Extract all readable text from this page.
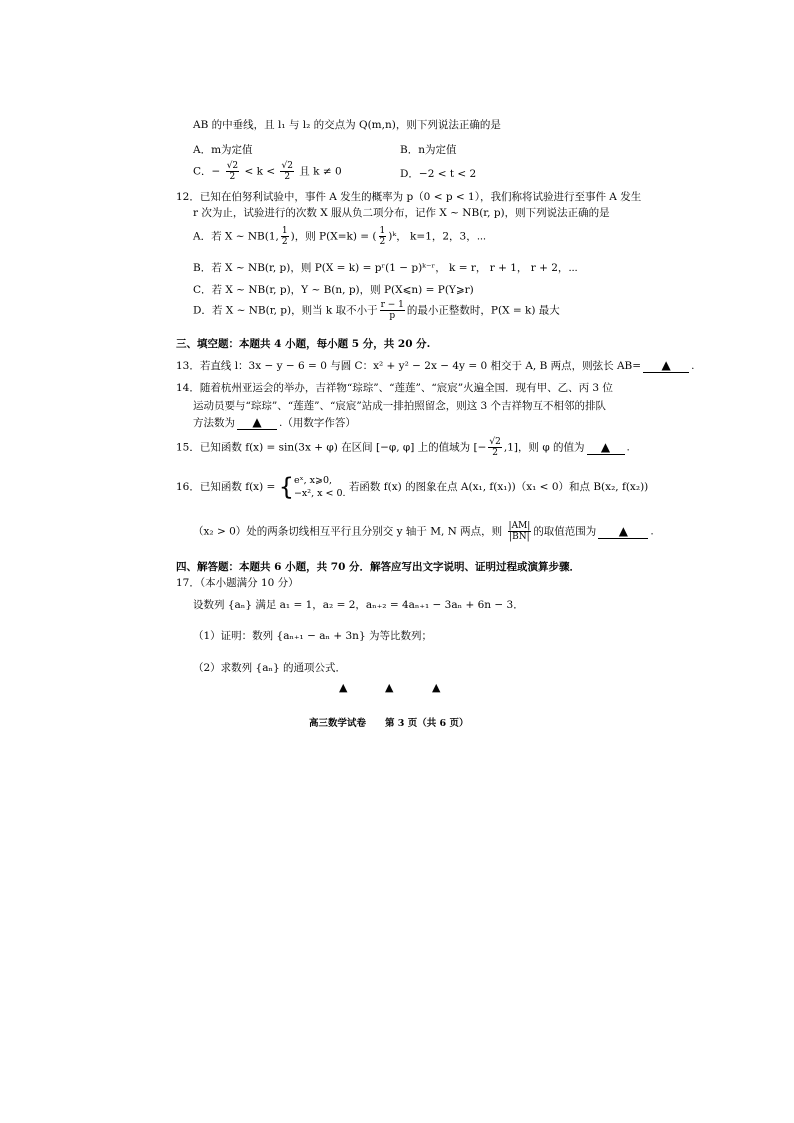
AB 的中垂线，且 l₁ 与 l₂ 的交点为 Q(m,n)，则下列说法正确的是
A．m为定值	B．n为定值
C．− $\frac{√2}{2} < k < \frac{√2}{2}$ 且 k ≠ 0	D．−2 < t < 2
12．已知在伯努利试验中，事件 A 发生的概率为 p（0 < p < 1），我们称将试验进行至事件 A 发生
r 次为止，试验进行的次数 X 服从负二项分布，记作 X ~ NB(r, p)，则下列说法正确的是
A．若 X ~ NB(1, $\frac{1}{2}$ )，则 P(X=k) = ( $\frac{1}{2}$ )ᵏ， k=1，2，3，⋯
B．若 X ~ NB(r, p)，则 P(X = k) = pʳ(1 − p)ᵏ⁻ʳ， k = r， r + 1， r + 2，⋯
C．若 X ~ NB(r, p)，Y ~ B(n, p)，则 P(X⩽n) = P(Y⩾r)
D．若 X ~ NB(r, p)，则当 k 取不小于 $\frac{r - 1}{p}$ 的最小正整数时，P(X = k) 最大
三、填空题：本题共 4 小题，每小题 5 分，共 20 分.
13．若直线 l：3x − y − 6 = 0 与圆 C：x² + y² − 2x − 4y = 0 相交于 A, B 两点，则弦长 AB= ▲ .
14．随着杭州亚运会的举办，吉祥物“琮琮”、“莲莲”、“宸宸”火遍全国．现有甲、乙、丙 3 位
运动员要与“琮琮”、“莲莲”、“宸宸”站成一排拍照留念，则这 3 个吉祥物互不相邻的排队
方法数为 ▲ .（用数字作答）
15．已知函数 f(x) = sin(3x + φ) 在区间 [−φ, φ] 上的值域为 [− $\frac{√2}{2} ,1$]，则 φ 的值为 ▲ .
16．已知函数 f(x) = { eˣ, x⩾0,
−x², x < 0.
若函数 f(x) 的图象在点 A(x₁, f(x₁))（x₁ < 0）和点 B(x₂, f(x₂))
（x₂ > 0）处的两条切线相互平行且分别交 y 轴于 M, N 两点，则 $\frac{|AM|}{|BN|}$ 的取值范围为 ▲ .
四、解答题：本题共 6 小题，共 70 分．解答应写出文字说明、证明过程或演算步骤．
17．（本小题满分 10 分）
设数列 {aₙ} 满足 a₁ = 1，a₂ = 2，aₙ₊₂ = 4aₙ₊₁ − 3aₙ + 6n − 3．
（1）证明：数列 {aₙ₊₁ − aₙ + 3n} 为等比数列；
（2）求数列 {aₙ} 的通项公式．
▲	▲	▲
高三数学试卷　　第 3 页（共 6 页）
